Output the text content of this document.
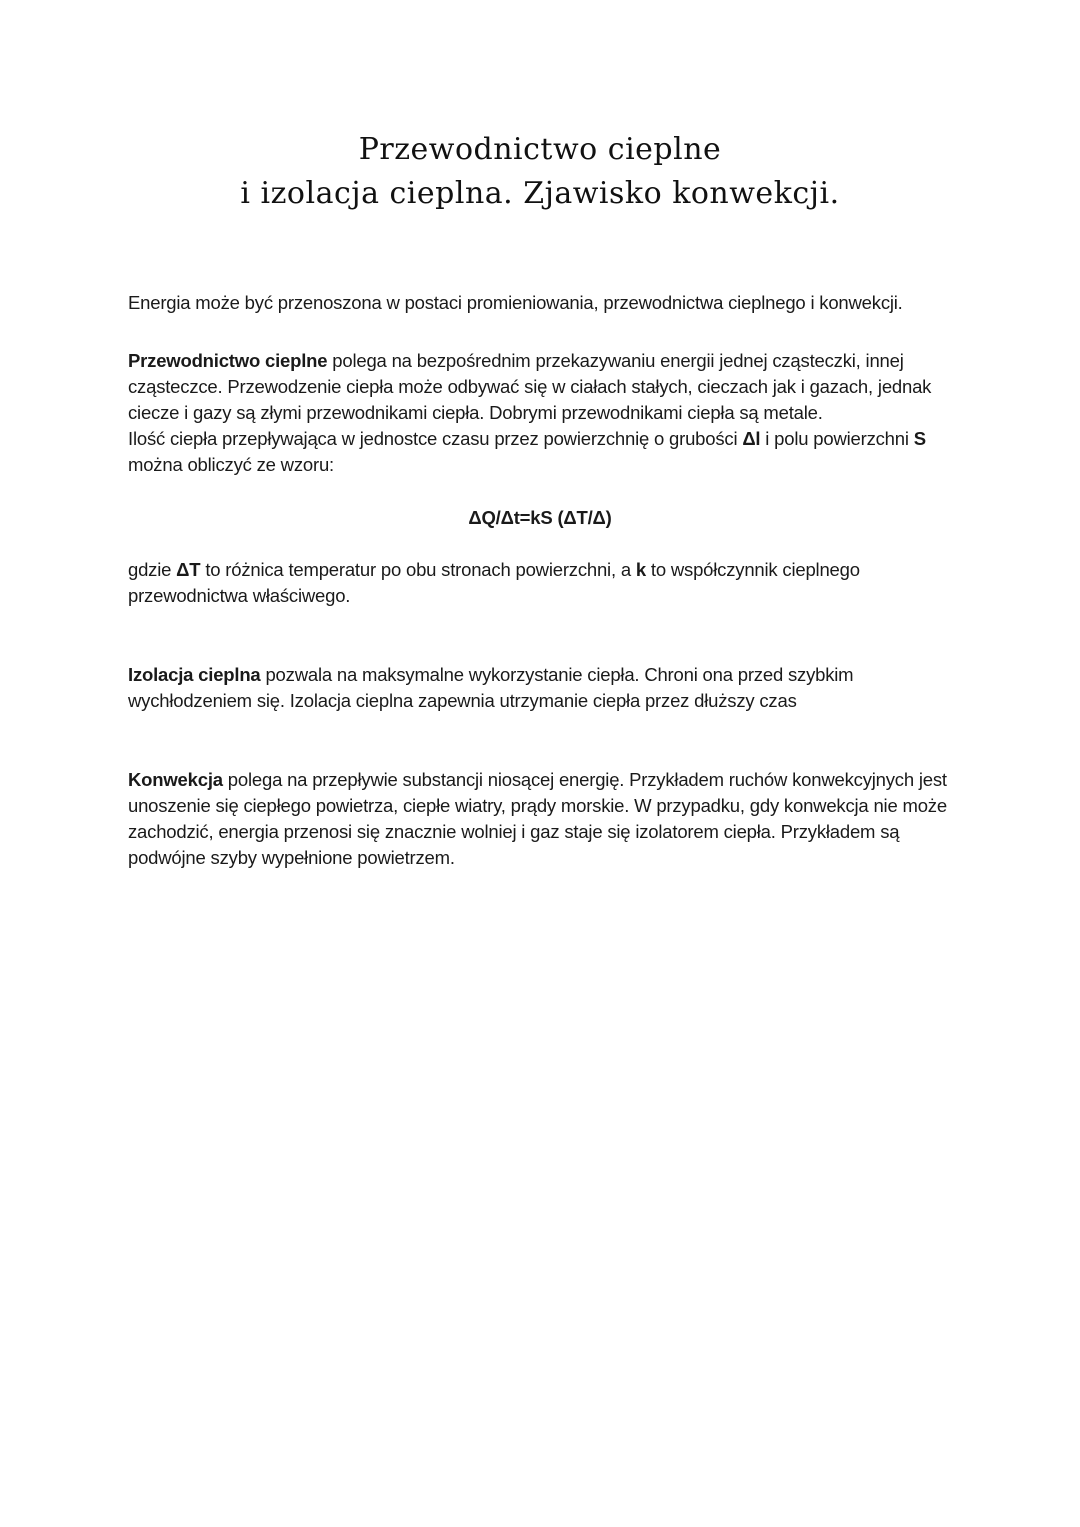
Przewodnictwo cieplne
i izolacja cieplna. Zjawisko konwekcji.

Energia może być przenoszona w postaci promieniowania, przewodnictwa cieplnego i konwekcji.

Przewodnictwo cieplne polega na bezpośrednim przekazywaniu energii jednej cząsteczki, innej cząsteczce. Przewodzenie ciepła może odbywać się w ciałach stałych, cieczach jak i gazach, jednak ciecze i gazy są złymi przewodnikami ciepła. Dobrymi przewodnikami ciepła są metale.
Ilość ciepła przepływająca w jednostce czasu przez powierzchnię o grubości Δl i polu powierzchni S można obliczyć ze wzoru:

ΔQ/Δt=kS (ΔT/Δ)

gdzie ΔT to różnica temperatur po obu stronach powierzchni, a k to współczynnik cieplnego przewodnictwa właściwego.

Izolacja cieplna pozwala na maksymalne wykorzystanie ciepła. Chroni ona przed szybkim wychłodzeniem się. Izolacja cieplna zapewnia utrzymanie ciepła przez dłuższy czas

Konwekcja polega na przepływie substancji niosącej energię. Przykładem ruchów konwekcyjnych jest unoszenie się ciepłego powietrza, ciepłe wiatry, prądy morskie. W przypadku, gdy konwekcja nie może zachodzić, energia przenosi się znacznie wolniej i gaz staje się izolatorem ciepła. Przykładem są podwójne szyby wypełnione powietrzem.
